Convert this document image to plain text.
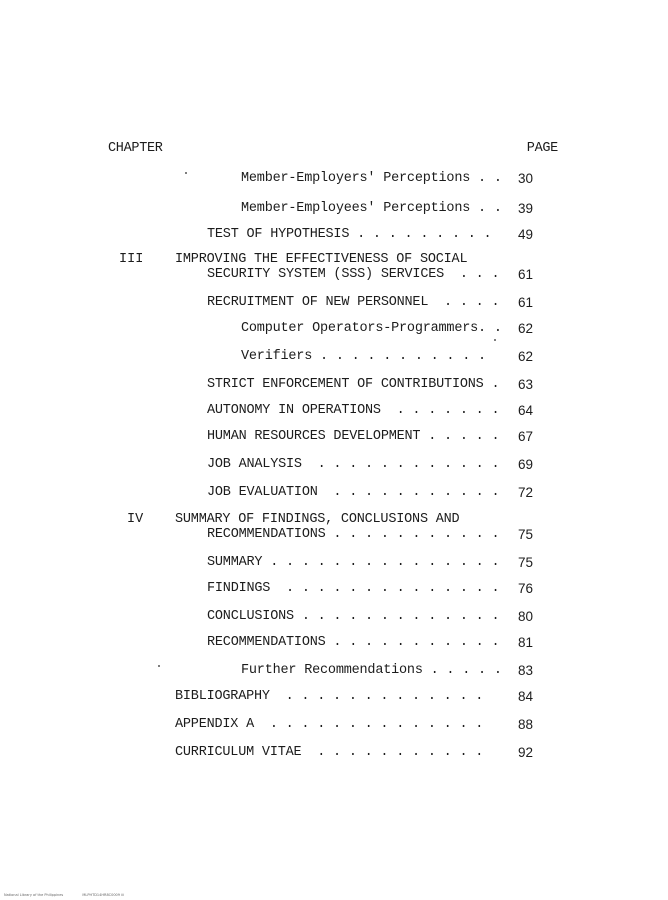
CHAPTER	PAGE
Member-Employers' Perceptions . . 30
Member-Employees' Perceptions . . 39
TEST OF HYPOTHESIS . . . . . . . . . 49
III IMPROVING THE EFFECTIVENESS OF SOCIAL
SECURITY SYSTEM (SSS) SERVICES  . . . 61
RECRUITMENT OF NEW PERSONNEL  . . . . 61
Computer Operators-Programmers. . 62
Verifiers . . . . . . . . . . . 62
STRICT ENFORCEMENT OF CONTRIBUTIONS . 63
AUTONOMY IN OPERATIONS  . . . . . . . 64
HUMAN RESOURCES DEVELOPMENT . . . . . 67
JOB ANALYSIS  . . . . . . . . . . . . 69
JOB EVALUATION  . . . . . . . . . . . 72
IV SUMMARY OF FINDINGS, CONCLUSIONS AND
RECOMMENDATIONS . . . . . . . . . . . 75
SUMMARY . . . . . . . . . . . . . . . 75
FINDINGS  . . . . . . . . . . . . . . 76
CONCLUSIONS . . . . . . . . . . . . . 80
RECOMMENDATIONS . . . . . . . . . . . 81
Further Recommendations . . . . . 83
BIBLIOGRAPHY  . . . . . . . . . . . . .	84
APPENDIX A  . . . . . . . . . . . . . .	88
CURRICULUM VITAE  . . . . . . . . . . .	92
National Library of the Philippines	MLPHTD14HR8C0009 iii
